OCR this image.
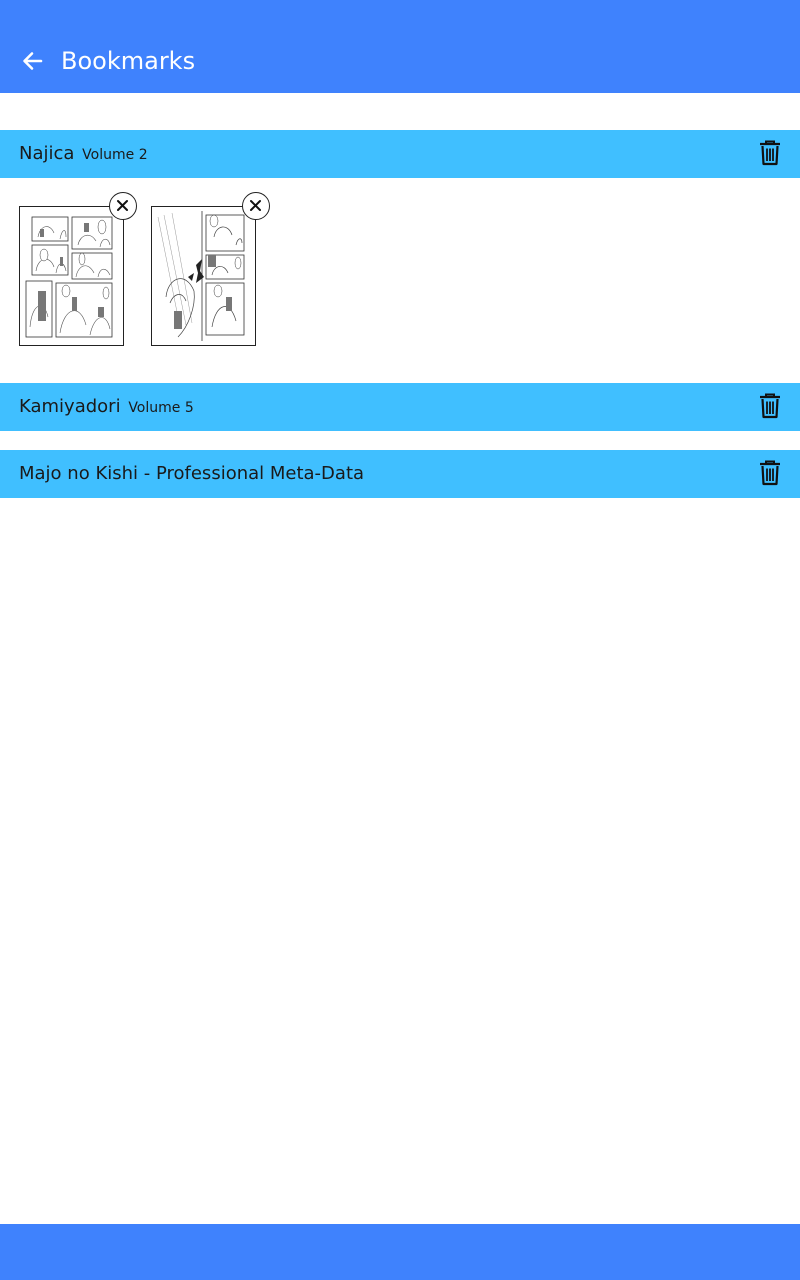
Bookmarks
Najica Volume 2
Kamiyadori Volume 5
Majo no Kishi - Professional Meta-Data
